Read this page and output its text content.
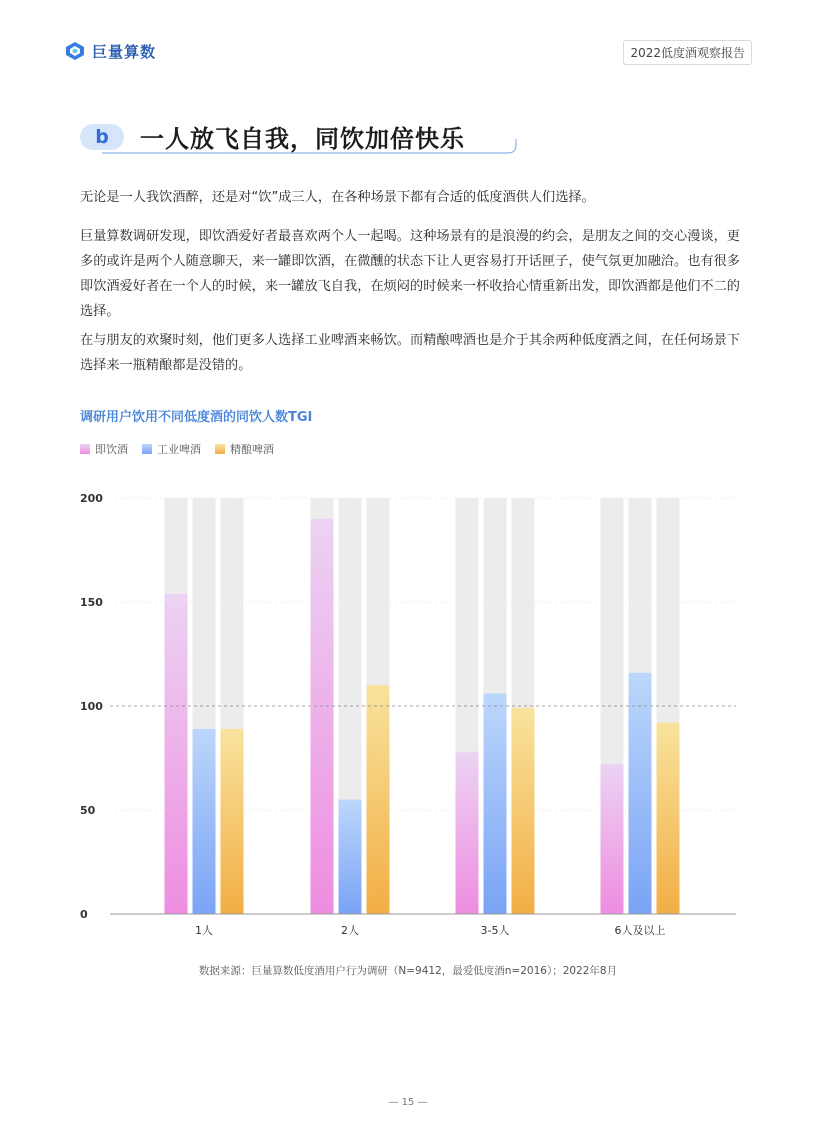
巨量算数	2022低度酒观察报告
b	一人放飞自我，同饮加倍快乐

无论是一人我饮酒醉，还是对“饮”成三人，在各种场景下都有合适的低度酒供人们选择。

巨量算数调研发现，即饮酒爱好者最喜欢两个人一起喝。这种场景有的是浪漫的约会，是朋友之间的交心漫谈，更多的或许是两个人随意聊天，来一罐即饮酒，在微醺的状态下让人更容易打开话匣子，使气氛更加融洽。也有很多即饮酒爱好者在一个人的时候，来一罐放飞自我，在烦闷的时候来一杯收拾心情重新出发，即饮酒都是他们不二的选择。

在与朋友的欢聚时刻，他们更多人选择工业啤酒来畅饮。而精酿啤酒也是介于其余两种低度酒之间，在任何场景下选择来一瓶精酿都是没错的。

调研用户饮用不同低度酒的同饮人数TGI
即饮酒	工业啤酒	精酿啤酒
0
50
100
150
200
1人	2人	3-5人	6人及以上
数据来源：巨量算数低度酒用户行为调研（N=9412，最爱低度酒n=2016）；2022年8月
— 15 —
